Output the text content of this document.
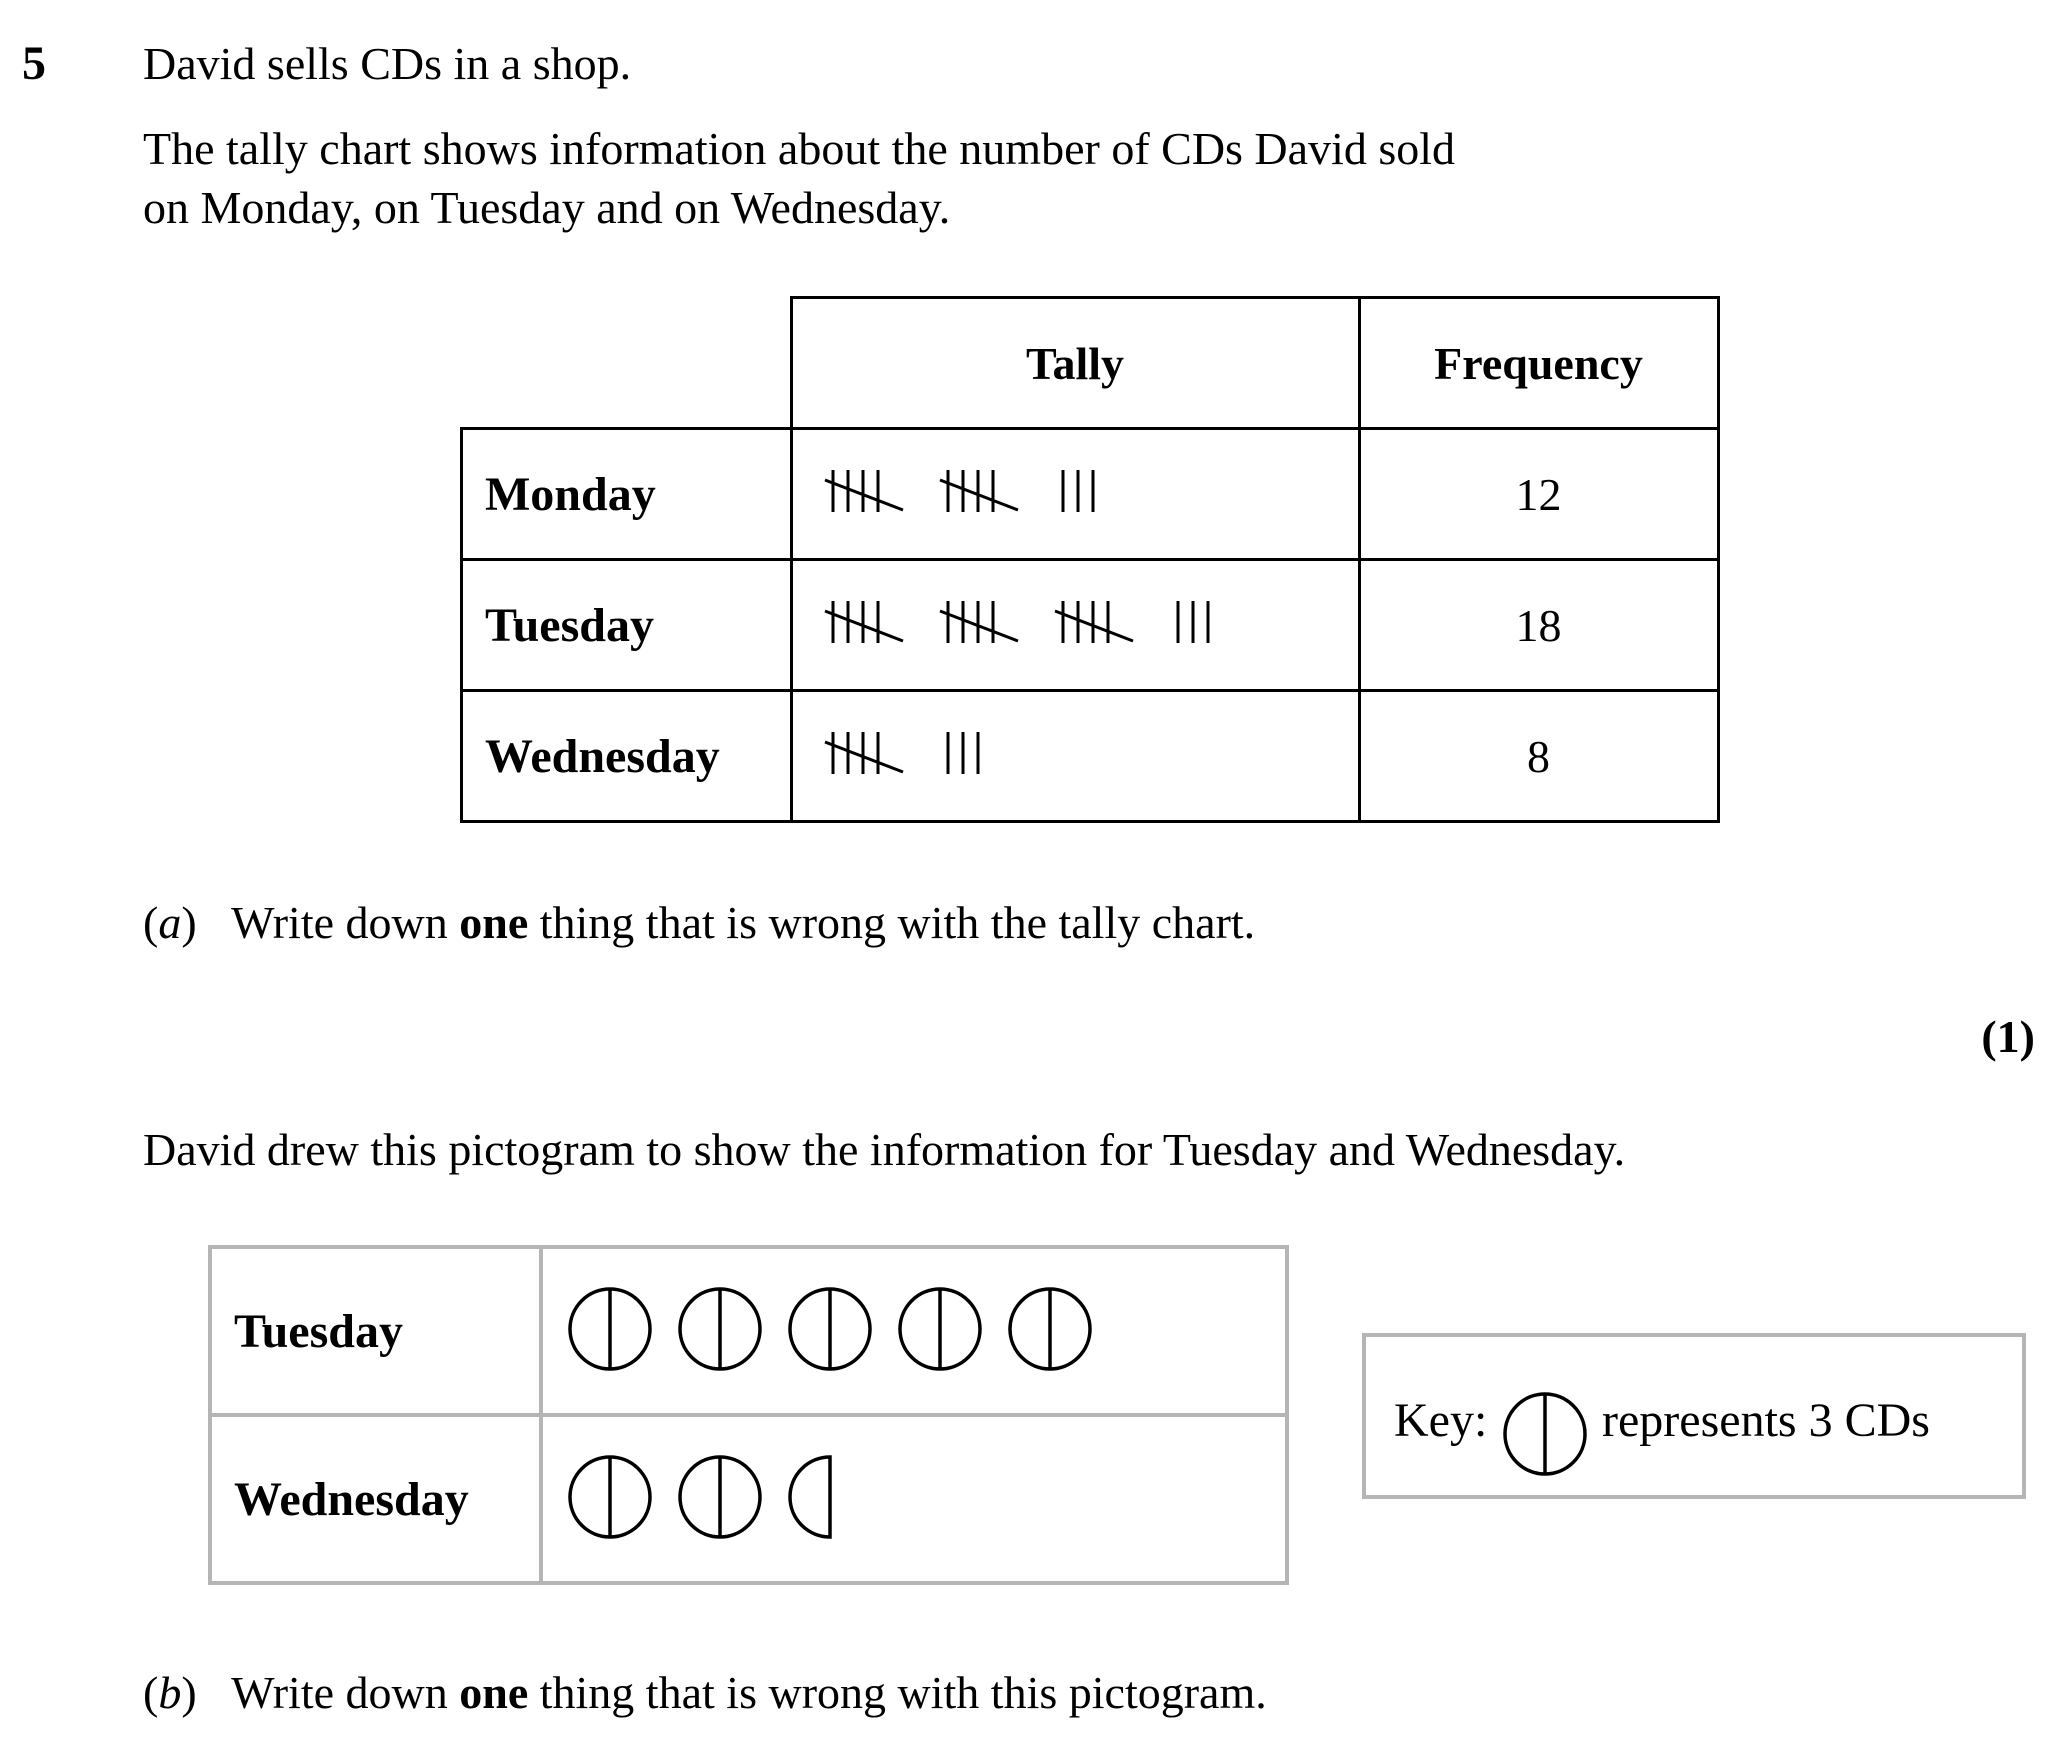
5 David sells CDs in a shop.
The tally chart shows information about the number of CDs David sold
on Monday, on Tuesday and on Wednesday.
	Tally	Frequency
Monday		12
Tuesday		18
Wednesday		8
(a)   Write down one thing that is wrong with the tally chart.
(1)
David drew this pictogram to show the information for Tuesday and Wednesday.
Tuesday	
Wednesday	
Key: represents 3 CDs
(b)   Write down one thing that is wrong with this pictogram.
